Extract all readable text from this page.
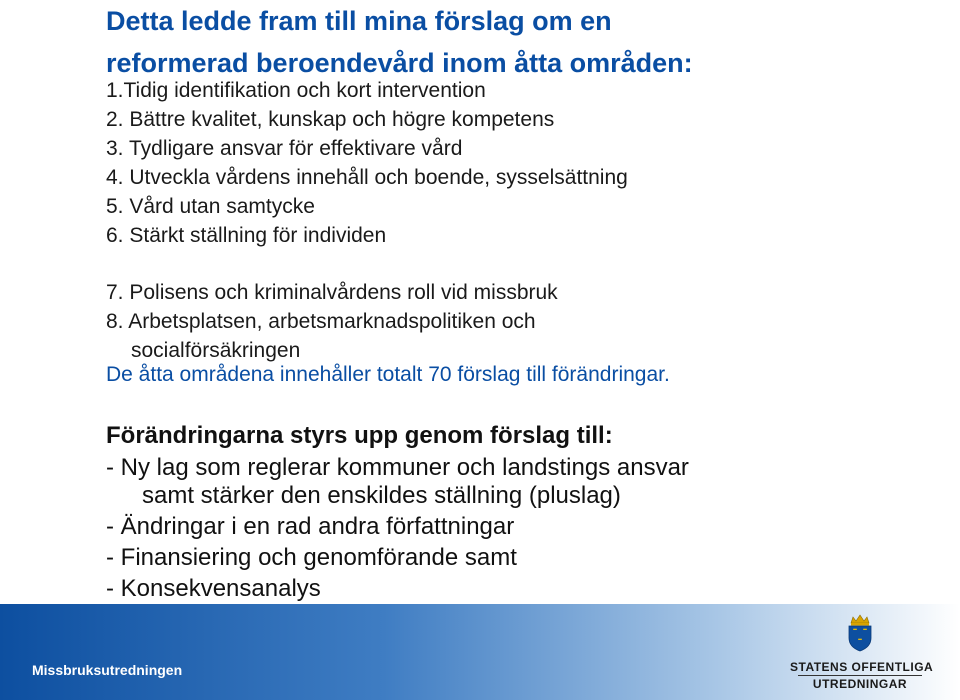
Detta ledde fram till mina förslag om en
reformerad beroendevård inom åtta områden:
1.Tidig identifikation och kort intervention
2. Bättre kvalitet, kunskap och högre kompetens
3. Tydligare ansvar för effektivare vård
4. Utveckla vårdens innehåll och boende, sysselsättning
5. Vård utan samtycke
6. Stärkt ställning för individen
7. Polisens och kriminalvårdens roll vid missbruk
8. Arbetsplatsen, arbetsmarknadspolitiken och
socialförsäkringen
De åtta områdena innehåller totalt 70 förslag till förändringar.
Förändringarna styrs upp genom förslag till:
- Ny lag som reglerar kommuner och landstings ansvar
samt stärker den enskildes ställning (pluslag)
- Ändringar i en rad andra författningar
- Finansiering och genomförande samt
- Konsekvensanalys
Missbruksutredningen	STATENS OFFENTLIGA
UTREDNINGAR
